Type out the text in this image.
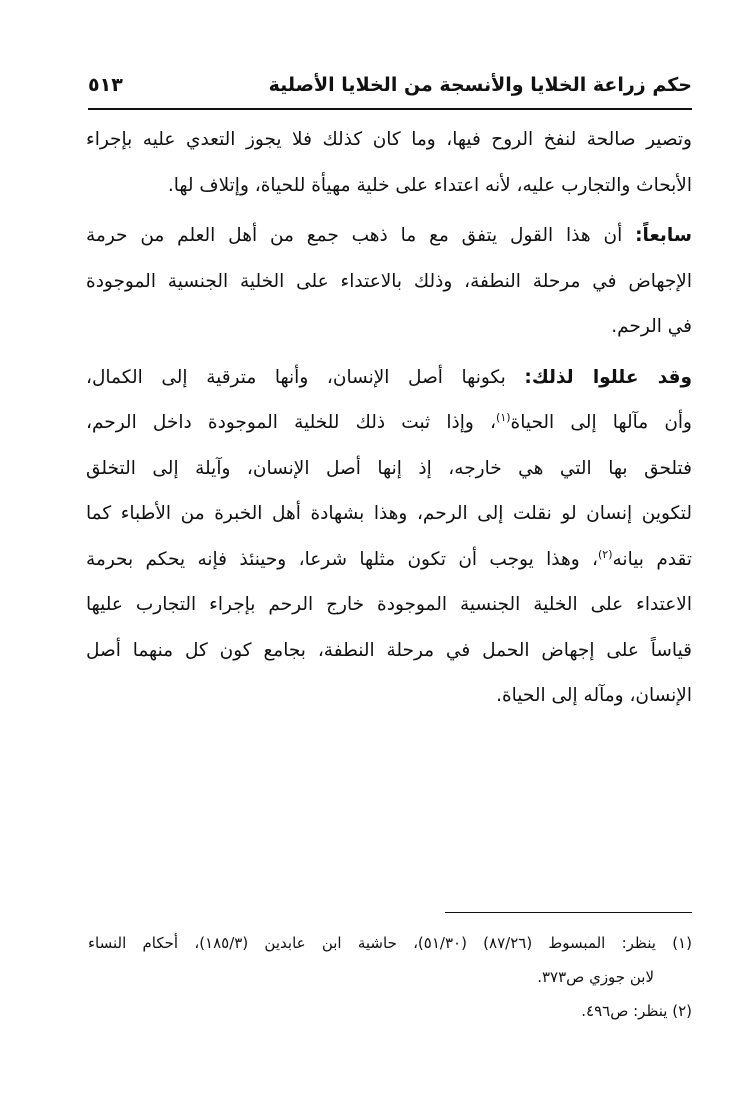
حكم زراعة الخلايا والأنسجة من الخلايا الأصلية
٥١٣
وتصير صالحة لنفخ الروح فيها، وما كان كذلك فلا يجوز التعدي عليه بإجراء
الأبحاث والتجارب عليه، لأنه اعتداء على خلية مهيأة للحياة، وإتلاف لها.
سابعاً: أن هذا القول يتفق مع ما ذهب جمع من أهل العلم من حرمة
الإجهاض في مرحلة النطفة، وذلك بالاعتداء على الخلية الجنسية الموجودة
في الرحم.
وقد عللوا لذلك: بكونها أصل الإنسان، وأنها مترقية إلى الكمال،
وأن مآلها إلى الحياة$^{(١)}$، وإذا ثبت ذلك للخلية الموجودة داخل الرحم،
فتلحق بها التي هي خارجه، إذ إنها أصل الإنسان، وآيلة إلى التخلق
لتكوين إنسان لو نقلت إلى الرحم، وهذا بشهادة أهل الخبرة من الأطباء كما
تقدم بيانه$^{(٢)}$، وهذا يوجب أن تكون مثلها شرعا، وحينئذ فإنه يحكم بحرمة
الاعتداء على الخلية الجنسية الموجودة خارج الرحم بإجراء التجارب عليها
قياساً على إجهاض الحمل في مرحلة النطفة، بجامع كون كل منهما أصل
الإنسان، ومآله إلى الحياة.
(١) ينظر: المبسوط (٨٧/٢٦) (٥١/٣٠)، حاشية ابن عابدين (١٨٥/٣)، أحكام النساء
لابن جوزي ص٣٧٣.
(٢) ينظر: ص٤٩٦.
